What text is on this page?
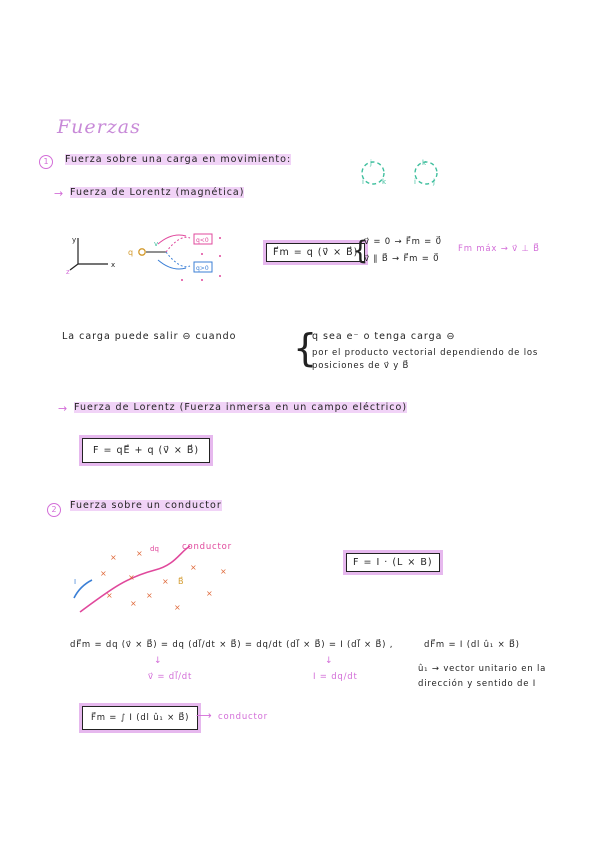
Fuerzas
1	Fuerza sobre una carga en movimiento:	j
i	k
k
i j
→ Fuerza de Lorentz (magnética)
y
x
z
q
v	q<0
q>0
F⃗m = q (v⃗ × B⃗)
{
v⃗ = 0 → F⃗m = 0⃗
v⃗ ∥ B⃗ → F⃗m = 0⃗
Fm máx → v⃗ ⊥ B⃗
La carga puede salir ⊖ cuando {
q sea e⁻ o tenga carga ⊖
por el producto vectorial dependiendo de los
posiciones de v⃗ y B⃗
→ Fuerza de Lorentz (Fuerza inmersa en un campo eléctrico)
F = qE⃗ + q (v⃗ × B⃗)
2	Fuerza sobre un conductor
I
dq
B⃗
× ×
×	×	×
×	×
×	×
×	×
×
conductor
F = I · (L × B)
dF⃗m = dq (v⃗ × B⃗) = dq (dl⃗/dt × B⃗) = dq/dt (dl⃗ × B⃗) = I (dl⃗ × B⃗) ,	dF⃗m = I (dl û₁ × B⃗)
↓
v⃗ = dl⃗/dt
↓
I = dq/dt
û₁ → vector unitario en la
dirección y sentido de I
F⃗m = ∫ I (dl û₁ × B⃗) ⟶ conductor
